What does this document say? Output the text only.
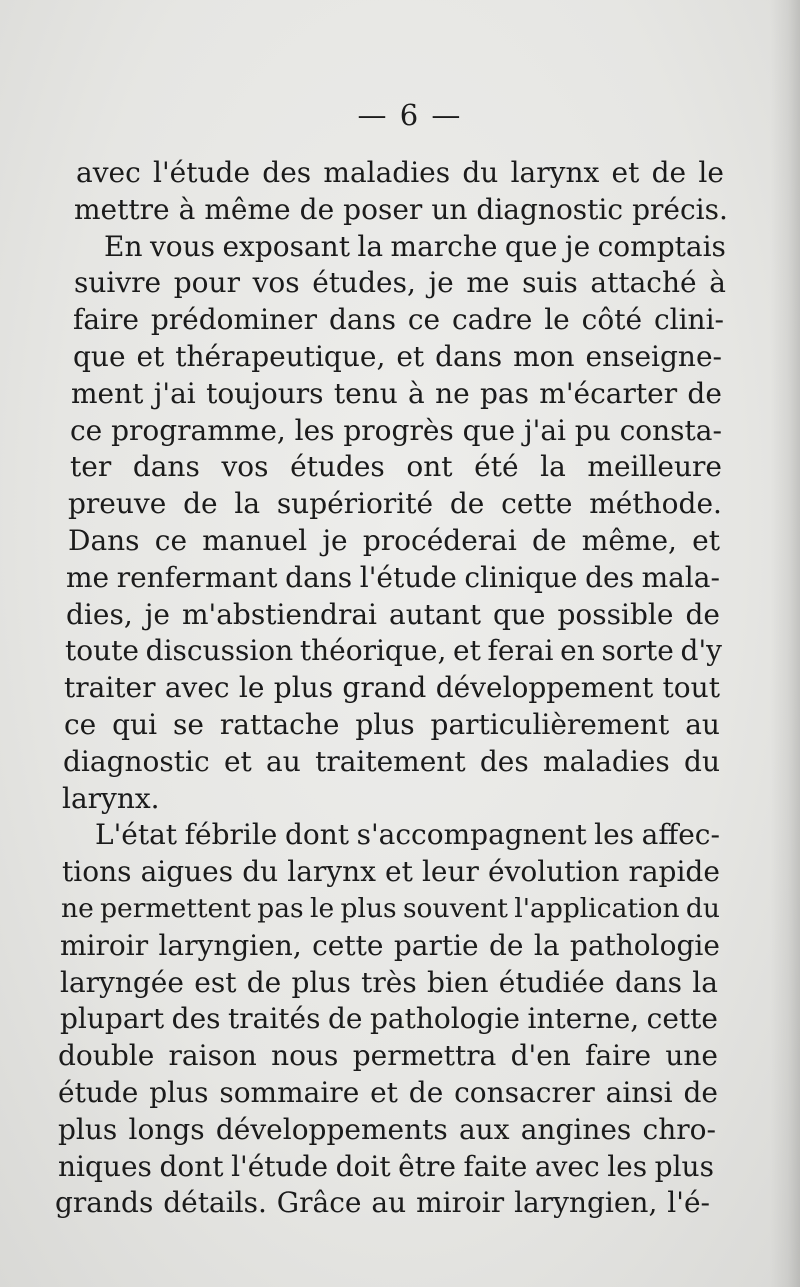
— 6 —
avec l'étude des maladies du larynx et de le
mettre à même de poser un diagnostic précis.
En vous exposant la marche que je comptais
suivre pour vos études, je me suis attaché à
faire prédominer dans ce cadre le côté clini-
que et thérapeutique, et dans mon enseigne-
ment j'ai toujours tenu à ne pas m'écarter de
ce programme, les progrès que j'ai pu consta-
ter dans vos études ont été la meilleure
preuve de la supériorité de cette méthode.
Dans ce manuel je procéderai de même, et
me renfermant dans l'étude clinique des mala-
dies, je m'abstiendrai autant que possible de
toute discussion théorique, et ferai en sorte d'y
traiter avec le plus grand développement tout
ce qui se rattache plus particulièrement au
diagnostic et au traitement des maladies du
larynx.
L'état fébrile dont s'accompagnent les affec-
tions aigues du larynx et leur évolution rapide
ne permettent pas le plus souvent l'application du
miroir laryngien, cette partie de la pathologie
laryngée est de plus très bien étudiée dans la
plupart des traités de pathologie interne, cette
double raison nous permettra d'en faire une
étude plus sommaire et de consacrer ainsi de
plus longs développements aux angines chro-
niques dont l'étude doit être faite avec les plus
grands détails. Grâce au miroir laryngien, l'é-
